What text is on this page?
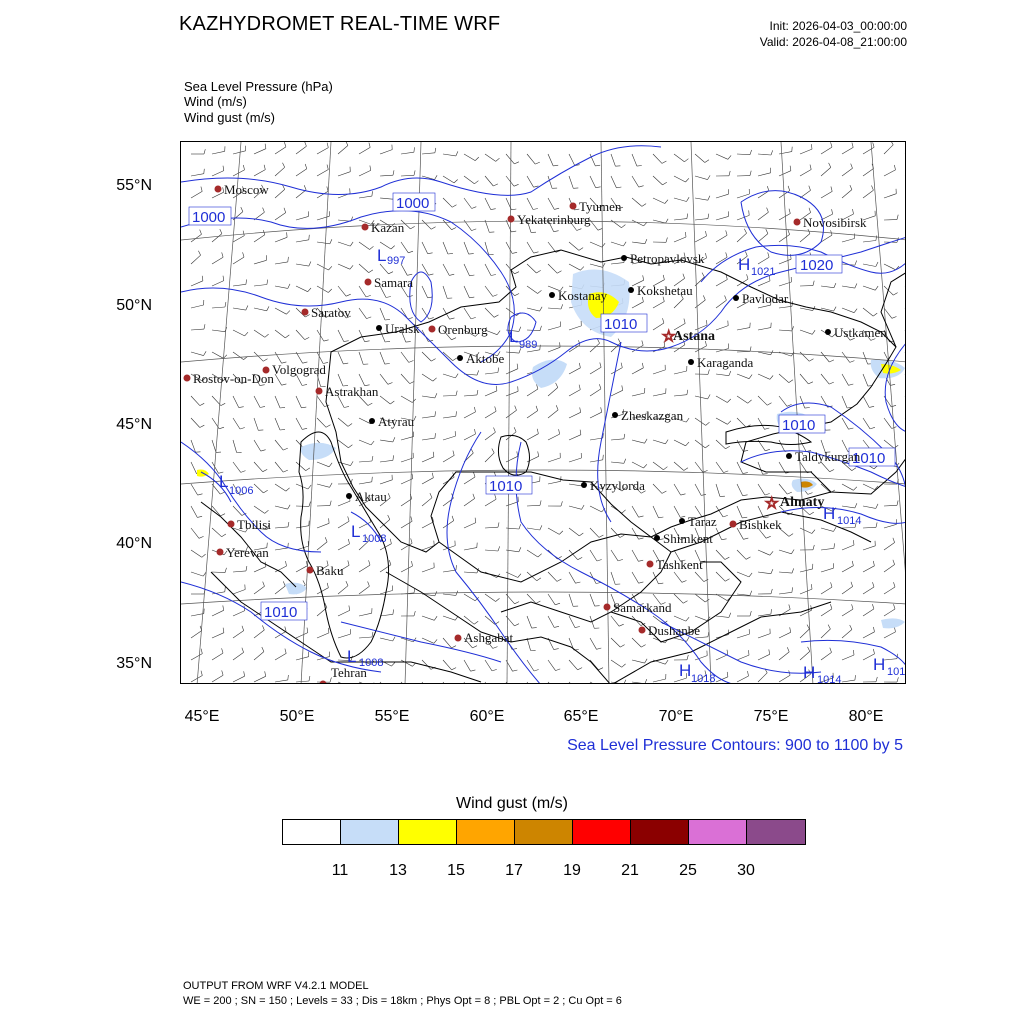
KAZHYDROMET REAL-TIME WRF	Init: 2026-04-03_00:00:00
Valid: 2026-04-08_21:00:00
Sea Level Pressure (hPa)
Wind (m/s)
Wind gust (m/s)
55°N
50°N
45°N
40°N
35°N
45°E	50°E	55°E	60°E	65°E	70°E	75°E	80°E
1000
1000
1020
1010
1010
1010
1010
1010
L 997
L 989
H 1021
L 1006
L 1008
L 1008
H 1014
H 1018	H 1014
H 101
Moscow
Kazan
Samara
Saratov
Volgograd
Rostov-on-Don
Astrakhan
Orenburg
Yekaterinburg
Tyumen
Novosibirsk
Tbilisi
Yerevan
Baku
Ashgabat
Tehran
Tashkent
Samarkand
Dushanbe
Bishkek
Uralsk
Aktobe
Atyrau
Aktau
Kostanay
Petropavlovsk
Kokshetau
Pavlodar
Ustkamen
Karaganda
Zheskazgan
Kyzylorda
Taraz
Shimkent
Taldykurgan
☆
Astana
☆ Almaty
Sea Level Pressure Contours: 900 to 1100 by 5
Wind gust (m/s)
OUTPUT FROM WRF V4.2.1 MODEL
WE = 200 ; SN = 150 ; Levels = 33 ; Dis = 18km ; Phys Opt = 8 ; PBL Opt = 2 ; Cu Opt = 6
11	13	15	17	19	21	25	30
